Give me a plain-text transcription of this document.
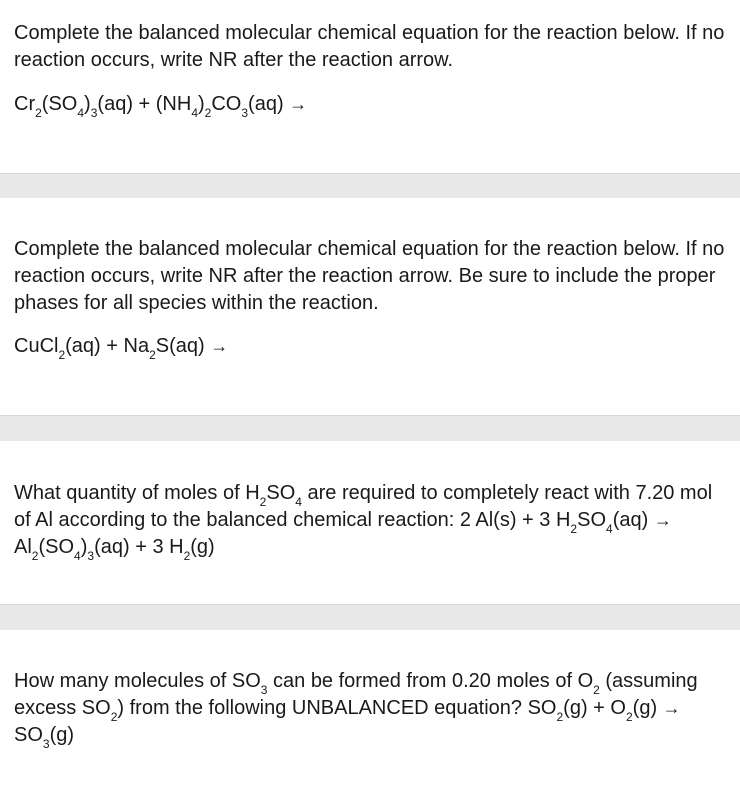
Complete the balanced molecular chemical equation for the reaction below. If no reaction occurs, write NR after the reaction arrow.

$Cr_2(SO_4)_3(aq) + (NH_4)_2CO_3(aq)$ →

Complete the balanced molecular chemical equation for the reaction below. If no reaction occurs, write NR after the reaction arrow. Be sure to include the proper phases for all species within the reaction.

CuCl$_2$(aq) + $Na_2S(aq)$ →

What quantity of moles of $H_2SO_4$ are required to completely react with 7.20 mol of Al according to the balanced chemical reaction: 2 Al(s) + 3 $H_2SO_4(aq) \to Al_2(SO_4)_3(aq) + 3$ $H_2(g)$

How many molecules of $SO_3$ can be formed from 0.20 moles of $O_2$ (assuming excess $SO_2$) from the following UNBALANCED equation? $SO_2(g) + O_2(g) \to SO_3(g)$
